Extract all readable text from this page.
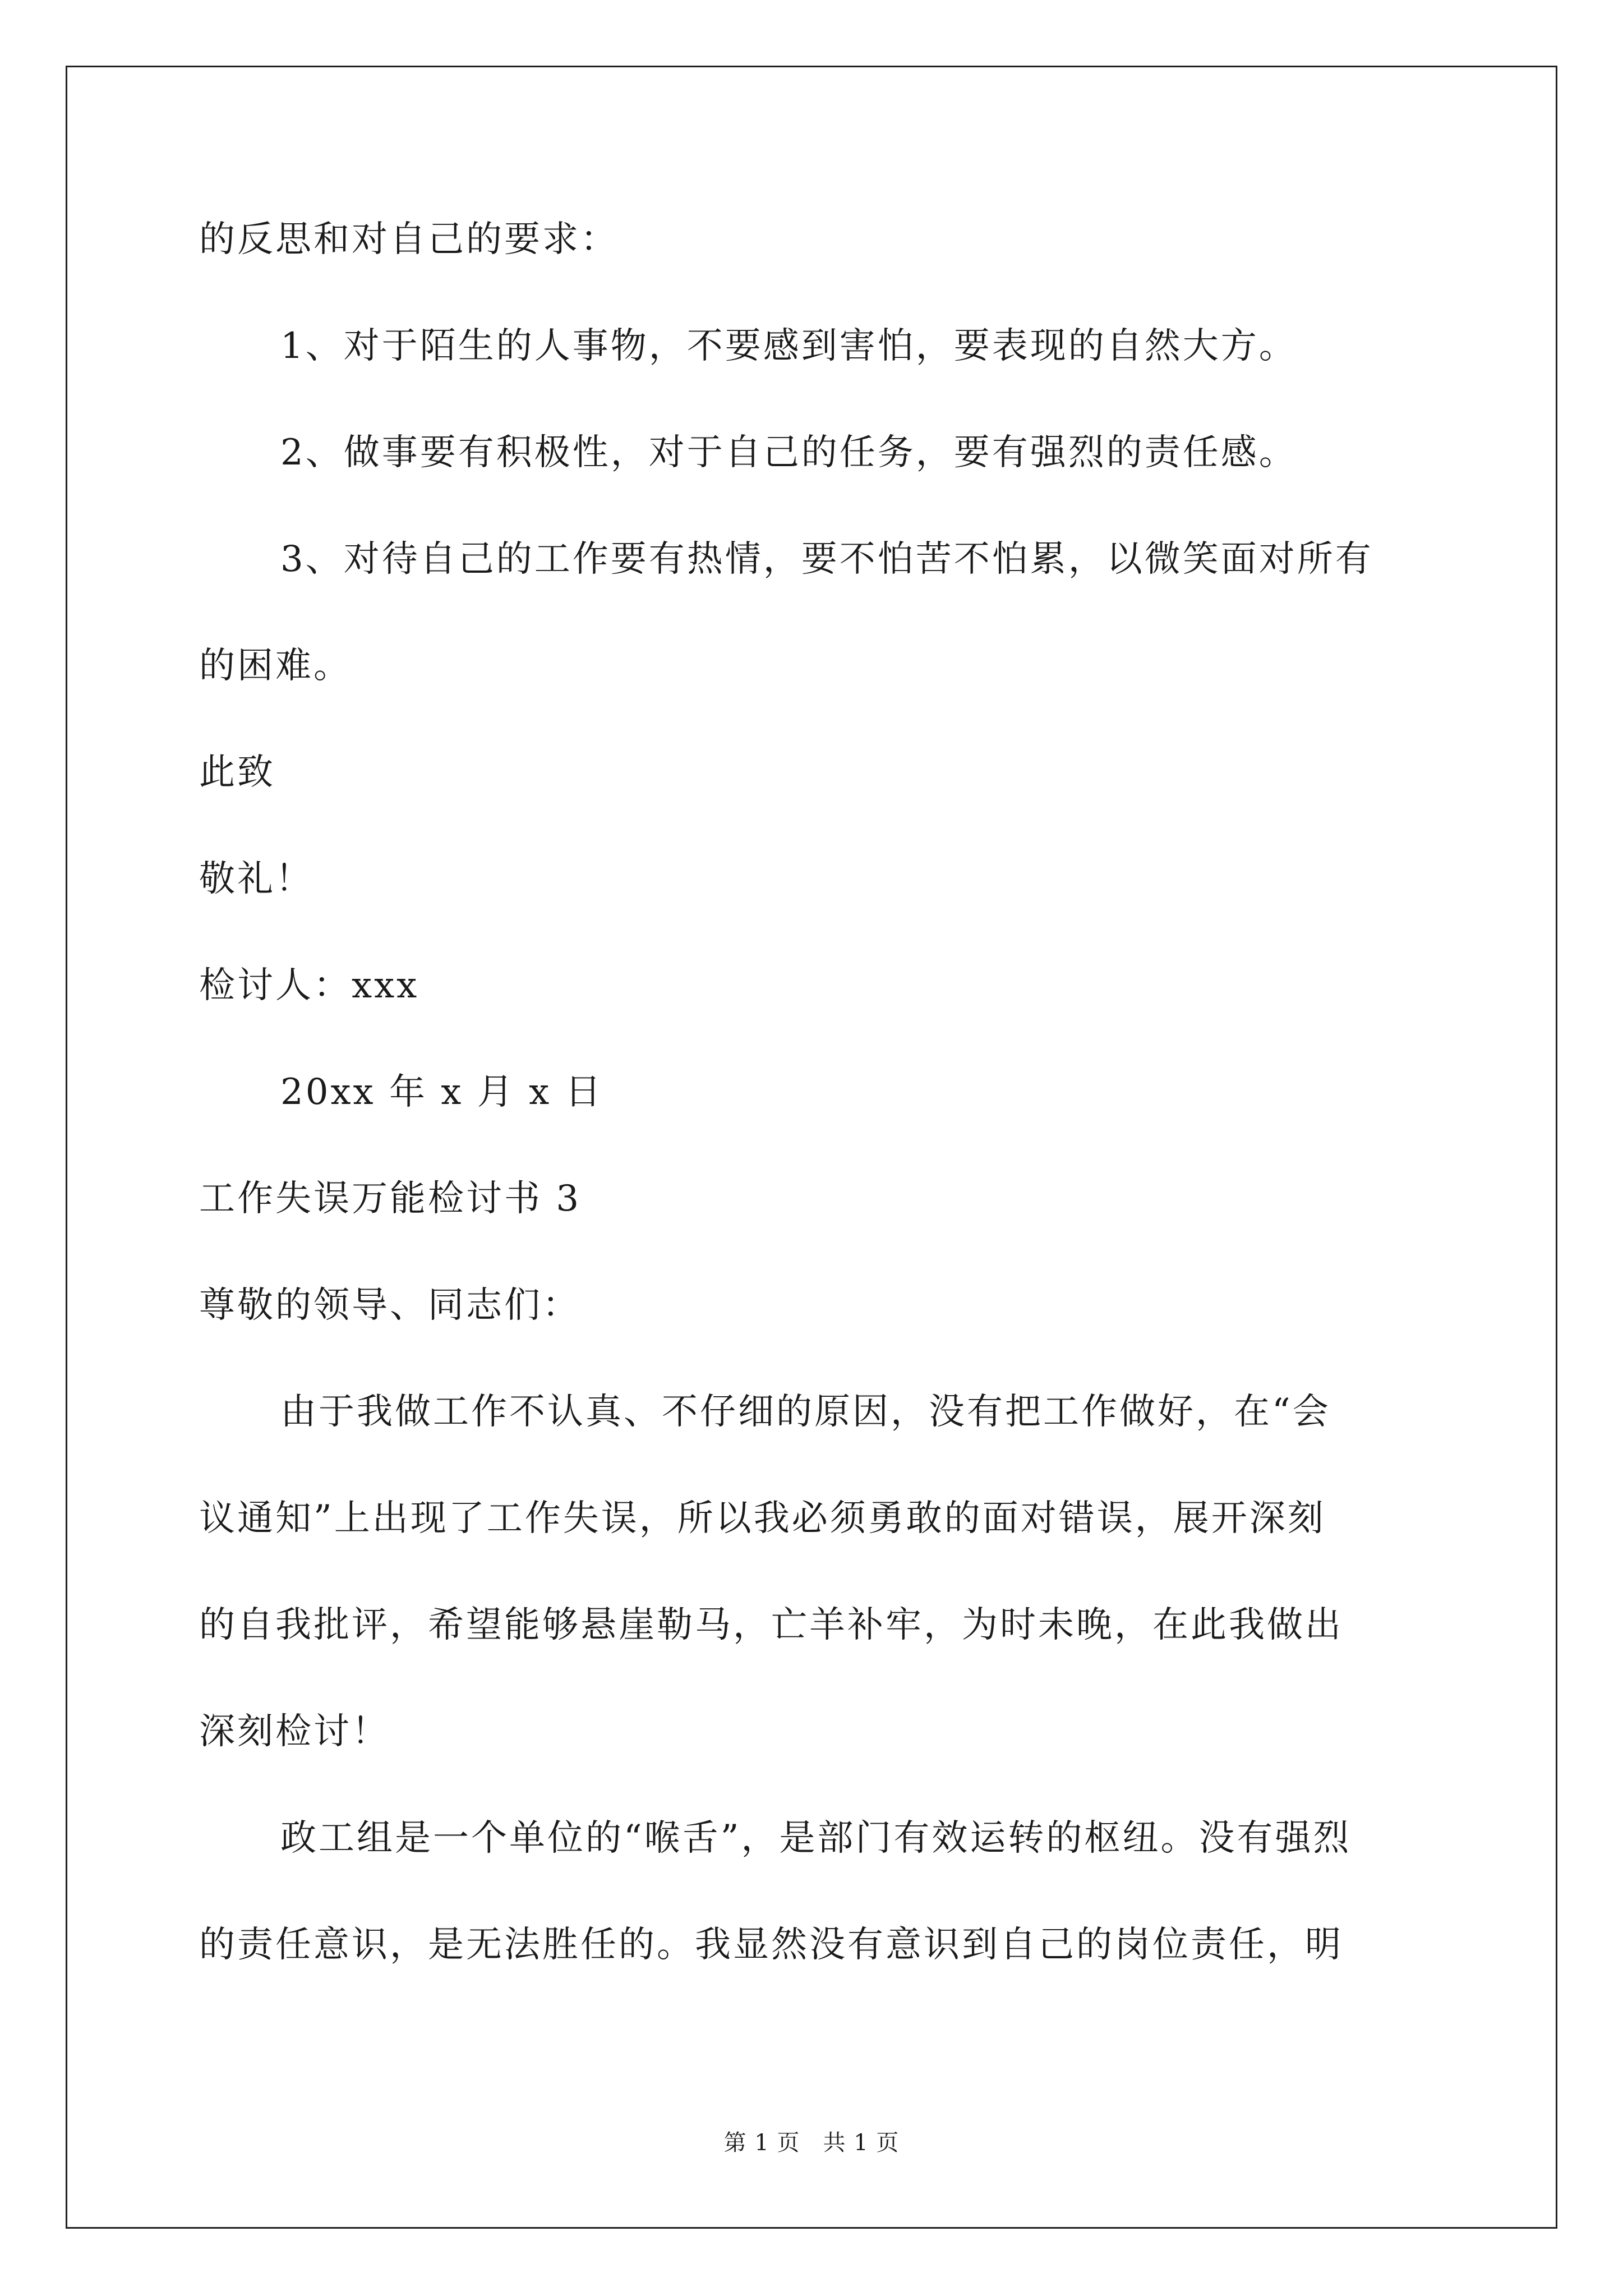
的反思和对自己的要求：
1、对于陌生的人事物，不要感到害怕，要表现的自然大方。
2、做事要有积极性，对于自己的任务，要有强烈的责任感。
3、对待自己的工作要有热情，要不怕苦不怕累，以微笑面对所有
的困难。
此致
敬礼！
检讨人：xxx
20xx 年 x 月 x 日
工作失误万能检讨书 3
尊敬的领导、同志们：
由于我做工作不认真、不仔细的原因，没有把工作做好，在“会
议通知”上出现了工作失误，所以我必须勇敢的面对错误，展开深刻
的自我批评，希望能够悬崖勒马，亡羊补牢，为时未晚，在此我做出
深刻检讨！
政工组是一个单位的“喉舌”，是部门有效运转的枢纽。没有强烈
的责任意识，是无法胜任的。我显然没有意识到自己的岗位责任，明
第 1 页　共 1 页
